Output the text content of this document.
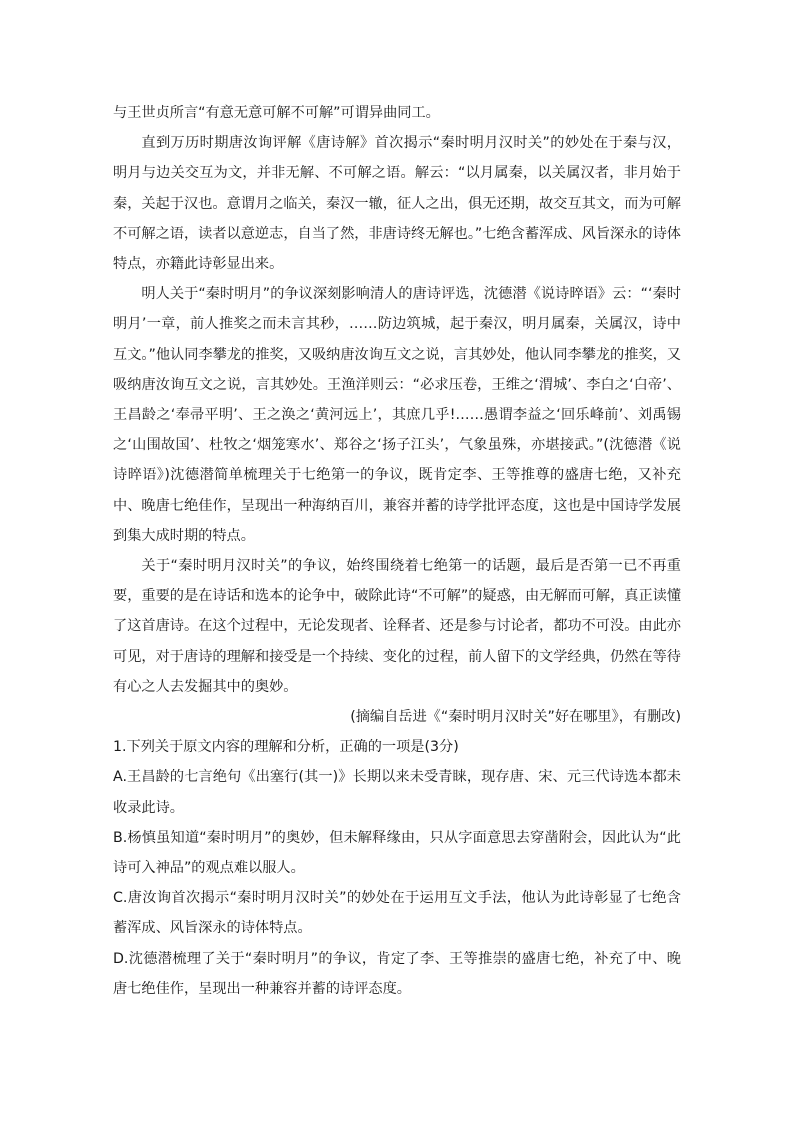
与王世贞所言“有意无意可解不可解”可谓异曲同工。

直到万历时期唐汝询评解《唐诗解》首次揭示“秦时明月汉时关”的妙处在于秦与汉，明月与边关交互为文，并非无解、不可解之语。解云：“以月属秦，以关属汉者，非月始于秦，关起于汉也。意谓月之临关，秦汉一辙，征人之出，俱无还期，故交互其文，而为可解不可解之语，读者以意逆志，自当了然，非唐诗终无解也。”七绝含蓄浑成、风旨深永的诗体特点，亦籍此诗彰显出来。

明人关于“秦时明月”的争议深刻影响清人的唐诗评选，沈德潜《说诗晬语》云：“‘秦时明月’一章，前人推奖之而未言其秒，……防边筑城，起于秦汉，明月属秦，关属汉，诗中互文。”他认同李攀龙的推奖，又吸纳唐汝询互文之说，言其妙处，他认同李攀龙的推奖，又吸纳唐汝询互文之说，言其妙处。王渔洋则云：“必求压卷，王维之‘渭城’、李白之‘白帝’、王昌龄之‘奉帚平明’、王之涣之‘黄河远上’，其庶几乎!……愚谓李益之‘回乐峰前’、刘禹锡之‘山围故国’、杜牧之‘烟笼寒水’、郑谷之‘扬子江头’，气象虽殊，亦堪接武。”(沈德潜《说诗晬语》)沈德潜简单梳理关于七绝第一的争议，既肯定李、王等推尊的盛唐七绝，又补充中、晚唐七绝佳作，呈现出一种海纳百川，兼容并蓄的诗学批评态度，这也是中国诗学发展到集大成时期的特点。

关于“秦时明月汉时关”的争议，始终围绕着七绝第一的话题，最后是否第一已不再重要，重要的是在诗话和选本的论争中，破除此诗“不可解”的疑惑，由无解而可解，真正读懂了这首唐诗。在这个过程中，无论发现者、诠释者、还是参与讨论者，都功不可没。由此亦可见，对于唐诗的理解和接受是一个持续、变化的过程，前人留下的文学经典，仍然在等待有心之人去发掘其中的奥妙。

(摘编自岳进《“秦时明月汉时关”好在哪里》，有删改)

1.下列关于原文内容的理解和分析，正确的一项是(3分)

A.王昌龄的七言绝句《出塞行(其一)》长期以来未受青睐，现存唐、宋、元三代诗选本都未收录此诗。

B.杨慎虽知道“秦时明月”的奥妙，但未解释缘由，只从字面意思去穿凿附会，因此认为“此诗可入神品”的观点难以服人。

C.唐汝询首次揭示“秦时明月汉时关”的妙处在于运用互文手法，他认为此诗彰显了七绝含蓄浑成、风旨深永的诗体特点。

D.沈德潜梳理了关于“秦时明月”的争议，肯定了李、王等推崇的盛唐七绝，补充了中、晚唐七绝佳作，呈现出一种兼容并蓄的诗评态度。
